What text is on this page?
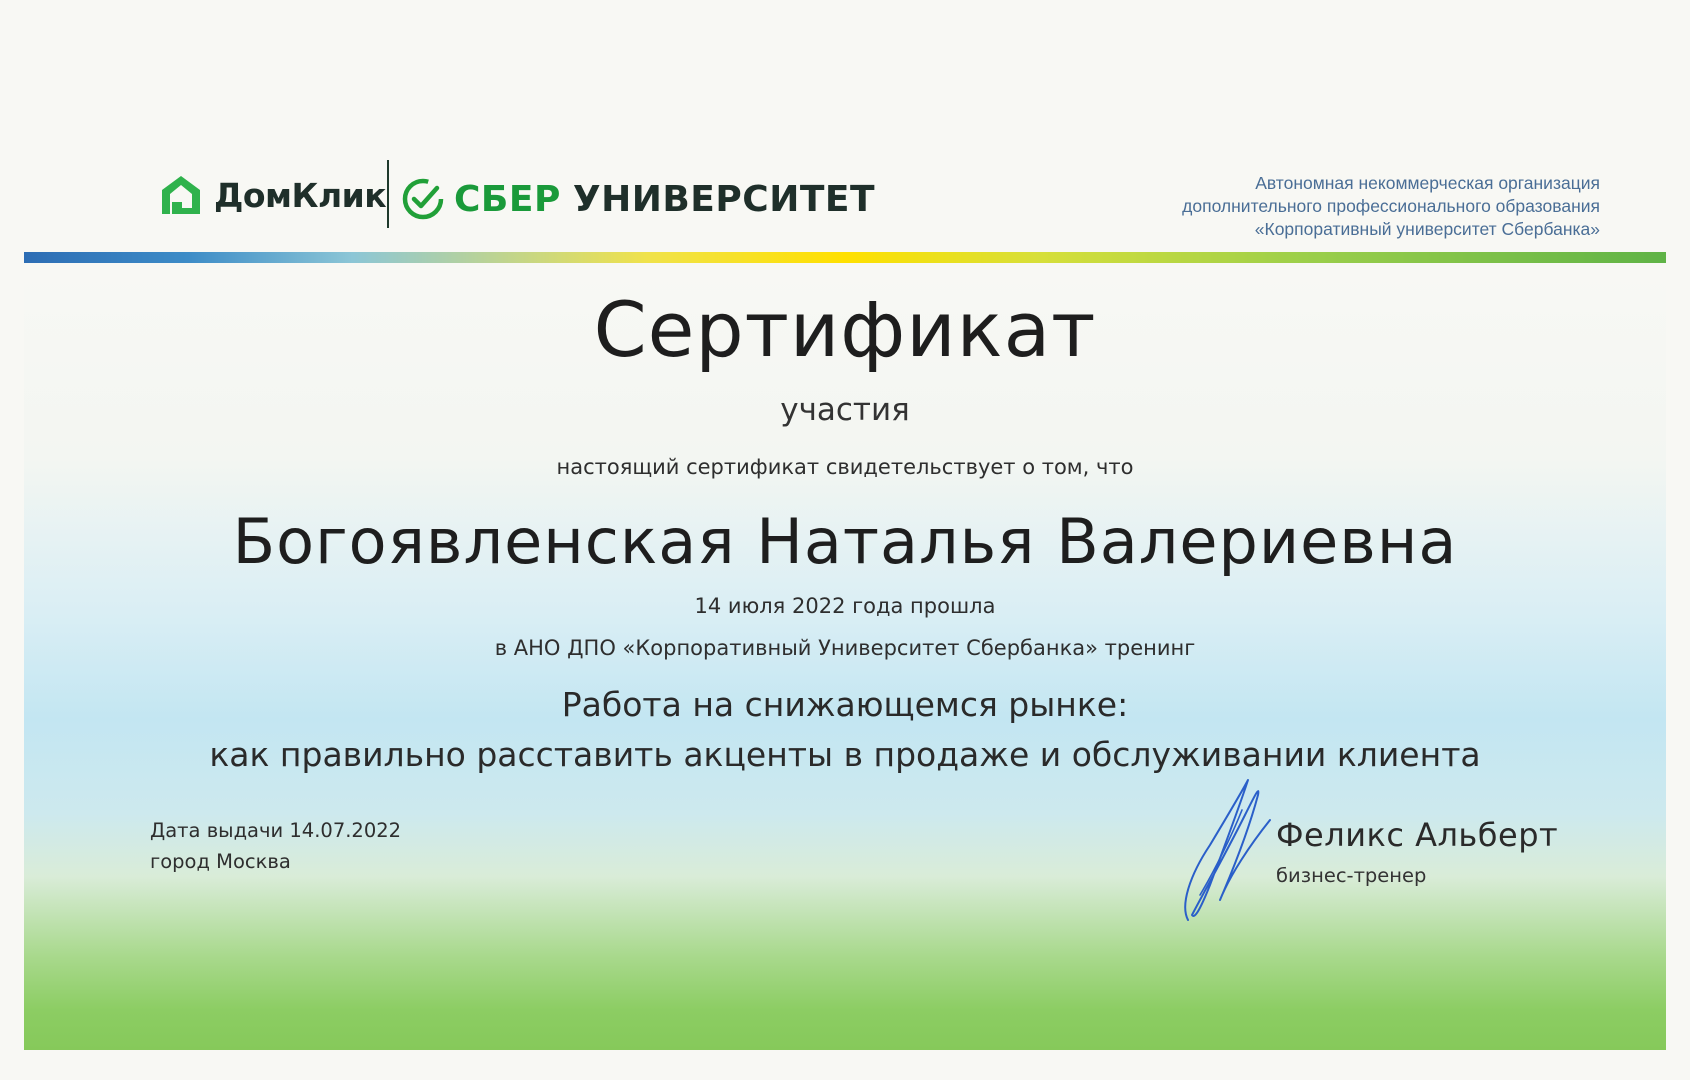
ДомКлик СБЕР УНИВЕРСИТЕТ	Автономная некоммерческая организация
дополнительного профессионального образования
«Корпоративный университет Сбербанка»
Сертификат
участия
настоящий сертификат свидетельствует о том, что
Богоявленская Наталья Валериевна
14 июля 2022 года прошла
в АНО ДПО «Корпоративный Университет Сбербанка» тренинг
Работа на снижающемся рынке:
как правильно расставить акценты в продаже и обслуживании клиента
Дата выдачи 14.07.2022
город Москва
Феликс Альберт
бизнес-тренер
